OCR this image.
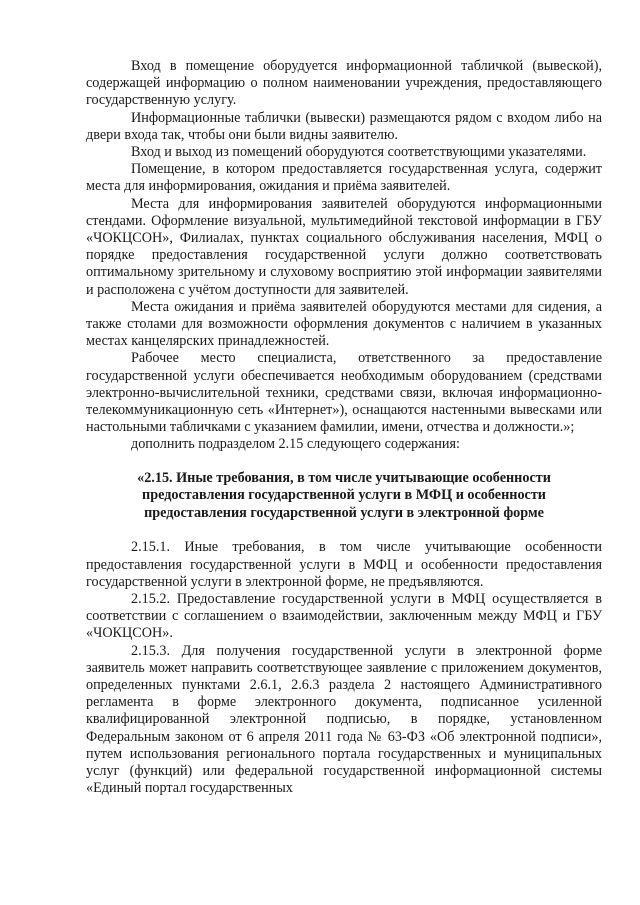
Вход в помещение оборудуется информационной табличкой (вывеской), содержащей информацию о полном наименовании учреждения, предоставляющего государственную услугу.

Информационные таблички (вывески) размещаются рядом с входом либо на двери входа так, чтобы они были видны заявителю.

Вход и выход из помещений оборудуются соответствующими указателями.

Помещение, в котором предоставляется государственная услуга, содержит места для информирования, ожидания и приёма заявителей.

Места для информирования заявителей оборудуются информационными стендами. Оформление визуальной, мультимедийной текстовой информации в ГБУ «ЧОКЦСОН», Филиалах, пунктах социального обслуживания населения, МФЦ о порядке предоставления государственной услуги должно соответствовать оптимальному зрительному и слуховому восприятию этой информации заявителями и расположена с учётом доступности для заявителей.

Места ожидания и приёма заявителей оборудуются местами для сидения, а также столами для возможности оформления документов с наличием в указанных местах канцелярских принадлежностей.

Рабочее место специалиста, ответственного за предоставление государственной услуги обеспечивается необходимым оборудованием (средствами электронно-вычислительной техники, средствами связи, включая информационно-телекоммуникационную сеть «Интернет»), оснащаются настенными вывесками или настольными табличками с указанием фамилии, имени, отчества и должности.»;

дополнить подразделом 2.15 следующего содержания:

«2.15. Иные требования, в том числе учитывающие особенности предоставления государственной услуги в МФЦ и особенности предоставления государственной услуги в электронной форме

2.15.1. Иные требования, в том числе учитывающие особенности предоставления государственной услуги в МФЦ и особенности предоставления государственной услуги в электронной форме, не предъявляются.

2.15.2. Предоставление государственной услуги в МФЦ осуществляется в соответствии с соглашением о взаимодействии, заключенным между МФЦ и ГБУ «ЧОКЦСОН».

2.15.3. Для получения государственной услуги в электронной форме заявитель может направить соответствующее заявление с приложением документов, определенных пунктами 2.6.1, 2.6.3 раздела 2 настоящего Административного регламента в форме электронного документа, подписанное усиленной квалифицированной электронной подписью, в порядке, установленном Федеральным законом от 6 апреля 2011 года № 63-ФЗ «Об электронной подписи», путем использования регионального портала государственных и муниципальных услуг (функций) или федеральной государственной информационной системы «Единый портал государственных
